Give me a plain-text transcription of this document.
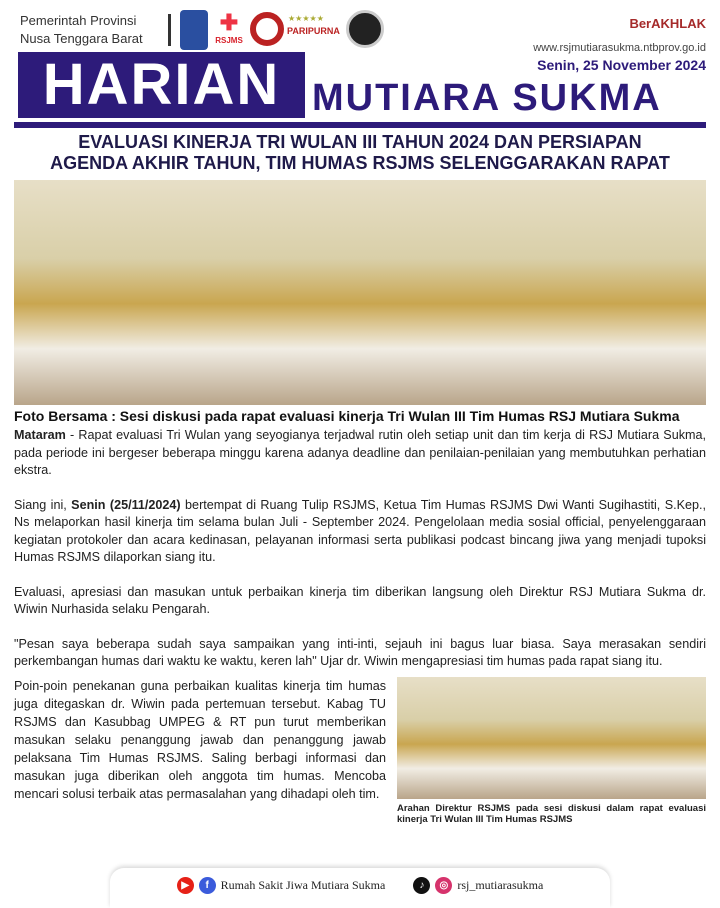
Pemerintah Provinsi
Nusa Tenggara Barat
✚
RSJMS
★★★★★
PARIPURNA	BerAKHLAK
www.rsjmutiarasukma.ntbprov.go.id
Senin, 25 November 2024
HARIAN MUTIARA SUKMA
EVALUASI KINERJA TRI WULAN III TAHUN 2024 DAN PERSIAPAN
AGENDA AKHIR TAHUN, TIM HUMAS RSJMS SELENGGARAKAN RAPAT
Foto Bersama : Sesi diskusi pada rapat evaluasi kinerja Tri Wulan III Tim Humas RSJ Mutiara Sukma
Mataram - Rapat evaluasi Tri Wulan yang seyogianya terjadwal rutin oleh setiap unit dan tim kerja di RSJ Mutiara Sukma, pada periode ini bergeser beberapa minggu karena adanya deadline dan penilaian-penilaian yang membutuhkan perhatian ekstra.
Siang ini, Senin (25/11/2024) bertempat di Ruang Tulip RSJMS, Ketua Tim Humas RSJMS Dwi Wanti Sugihastiti, S.Kep., Ns melaporkan hasil kinerja tim selama bulan Juli - September 2024. Pengelolaan media sosial official, penyelenggaraan kegiatan protokoler dan acara kedinasan, pelayanan informasi serta publikasi podcast bincang jiwa yang menjadi tupoksi Humas RSJMS dilaporkan siang itu.
Evaluasi, apresiasi dan masukan untuk perbaikan kinerja tim diberikan langsung oleh Direktur RSJ Mutiara Sukma dr. Wiwin Nurhasida selaku Pengarah.
"Pesan saya beberapa sudah saya sampaikan yang inti-inti, sejauh ini bagus luar biasa. Saya merasakan sendiri perkembangan humas dari waktu ke waktu, keren lah" Ujar dr. Wiwin mengapresiasi tim humas pada rapat siang itu.
Poin-poin penekanan guna perbaikan kualitas kinerja tim humas juga ditegaskan dr. Wiwin pada pertemuan tersebut. Kabag TU RSJMS dan Kasubbag UMPEG & RT pun turut memberikan masukan selaku penanggung jawab dan penanggung jawab pelaksana Tim Humas RSJMS. Saling berbagi informasi dan masukan juga diberikan oleh anggota tim humas. Mencoba mencari solusi terbaik atas permasalahan yang dihadapi oleh tim.
Arahan Direktur RSJMS pada sesi diskusi dalam rapat evaluasi kinerja Tri Wulan III Tim Humas RSJMS
▶	f Rumah Sakit Jiwa Mutiara Sukma	♪	◎ rsj_mutiarasukma
